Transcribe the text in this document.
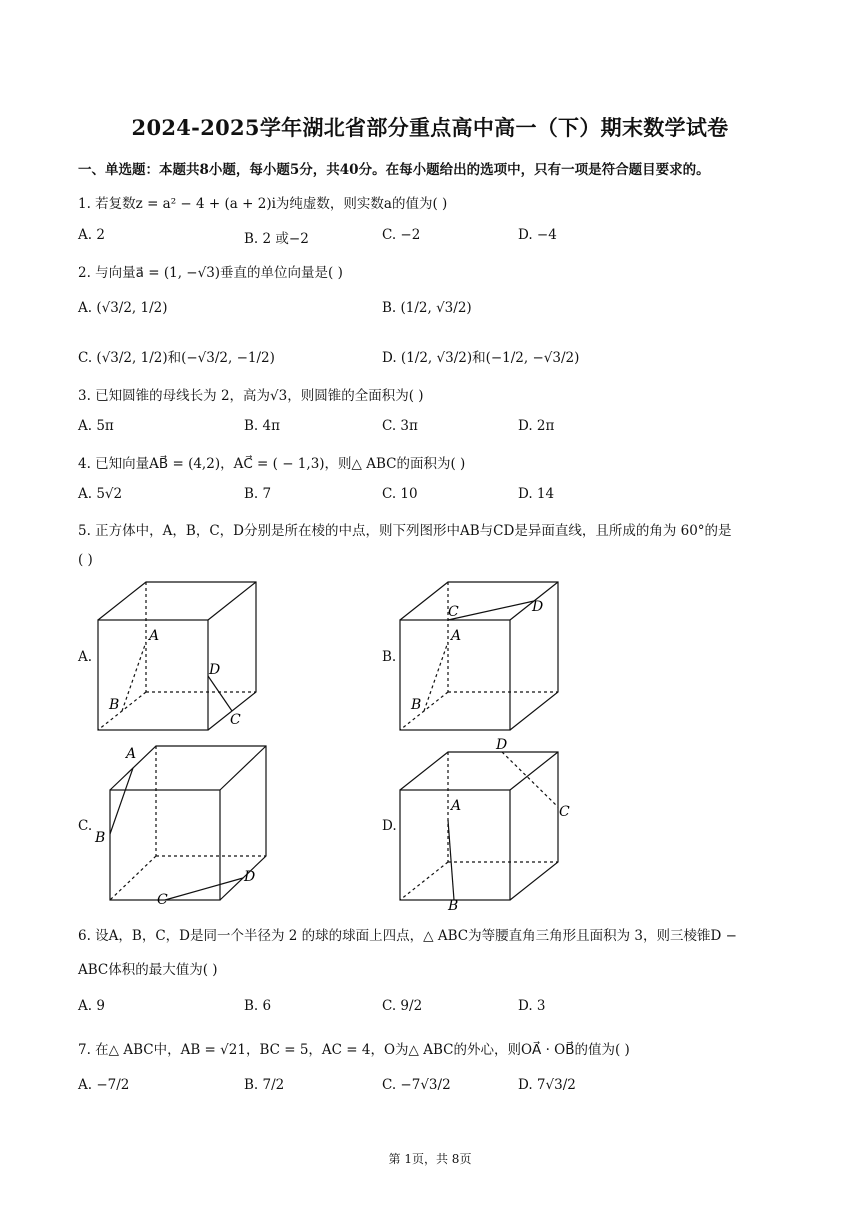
2024-2025学年湖北省部分重点高中高一（下）期末数学试卷
一、单选题：本题共8小题，每小题5分，共40分。在每小题给出的选项中，只有一项是符合题目要求的。
1. 若复数z = a² − 4 + (a + 2)i为纯虚数，则实数a的值为( )
A. 2	B. 2 或−2	C. −2	D. −4
2. 与向量a⃗ = (1, −√3)垂直的单位向量是( )
A. (√3/2, 1/2)	B. (1/2, √3/2)
C. (√3/2, 1/2)和(−√3/2, −1/2)	D. (1/2, √3/2)和(−1/2, −√3/2)
3. 已知圆锥的母线长为 2，高为√3，则圆锥的全面积为( )
A. 5π	B. 4π	C. 3π	D. 2π
4. 已知向量AB⃗ = (4,2)，AC⃗ = ( − 1,3)，则△ ABC的面积为( )
A. 5√2	B. 7	C. 10	D. 14
5. 正方体中，A，B，C，D分别是所在棱的中点，则下列图形中AB与CD是异面直线，且所成的角为 60°的是
( )
A.	B.
C.	D.
A
B
C
D
A
B
C	D
A
B
C
D
A
B
C
D
6. 设A，B，C，D是同一个半径为 2 的球的球面上四点，△ ABC为等腰直角三角形且面积为 3，则三棱锥D −
ABC体积的最大值为( )
A. 9	B. 6	C. 9/2	D. 3
7. 在△ ABC中，AB = √21，BC = 5，AC = 4，O为△ ABC的外心，则OA⃗ · OB⃗的值为( )
A. −7/2	B. 7/2	C. −7√3/2	D. 7√3/2
第 1页，共 8页
